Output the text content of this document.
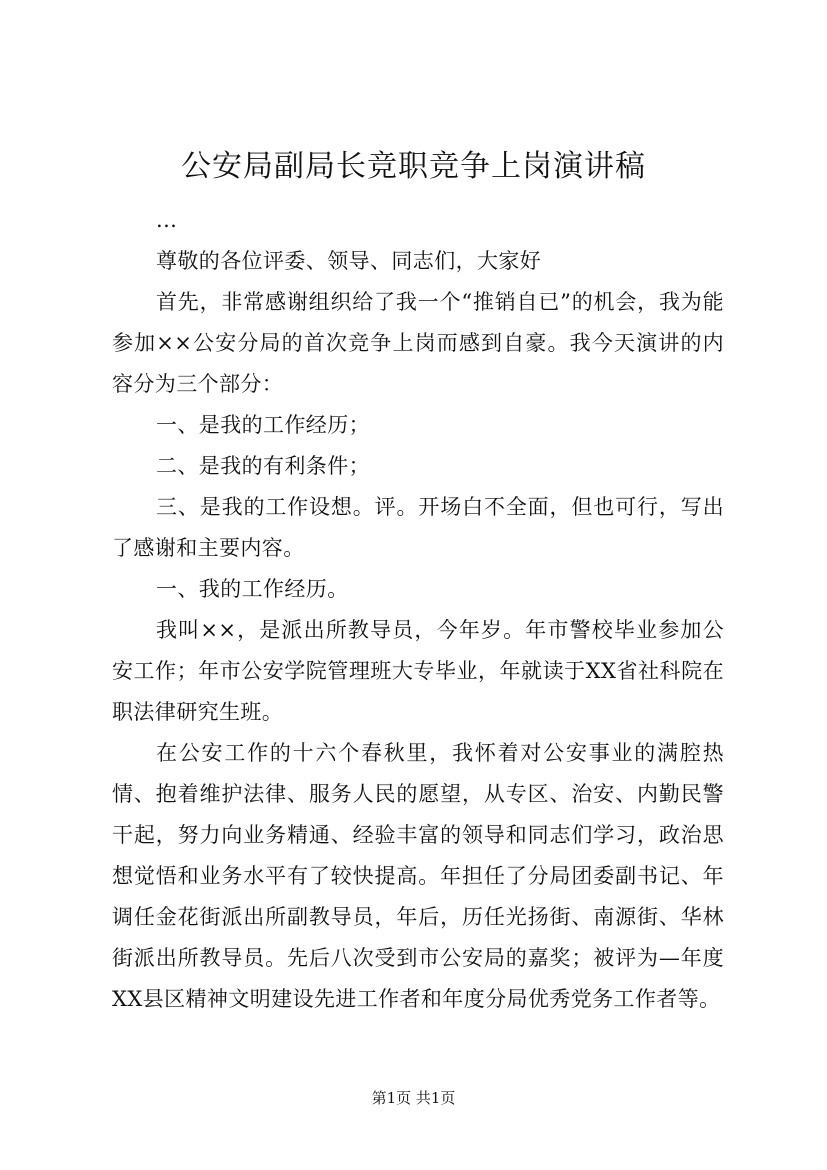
公安局副局长竞职竞争上岗演讲稿

...

尊敬的各位评委、领导、同志们，大家好

首先，非常感谢组织给了我一个“推销自已”的机会，我为能参加××公安分局的首次竞争上岗而感到自豪。我今天演讲的内容分为三个部分：

一、是我的工作经历；

二、是我的有利条件；

三、是我的工作设想。评。开场白不全面，但也可行，写出了感谢和主要内容。

一、我的工作经历。

我叫××，是派出所教导员，今年岁。年市警校毕业参加公安工作；年市公安学院管理班大专毕业，年就读于XX省社科院在职法律研究生班。

在公安工作的十六个春秋里，我怀着对公安事业的满腔热情、抱着维护法律、服务人民的愿望，从专区、治安、内勤民警干起，努力向业务精通、经验丰富的领导和同志们学习，政治思想觉悟和业务水平有了较快提高。年担任了分局团委副书记、年调任金花街派出所副教导员，年后，历任光扬街、南源街、华林街派出所教导员。先后八次受到市公安局的嘉奖；被评为—年度XX县区精神文明建设先进工作者和年度分局优秀党务工作者等。

第1页 共1页
